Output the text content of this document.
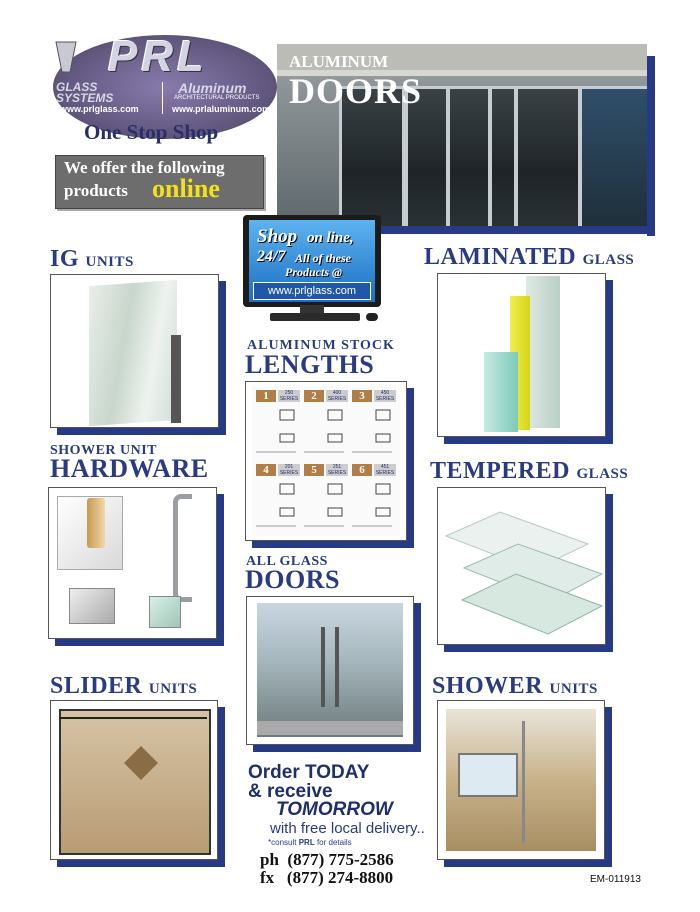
PRL
GLASS SYSTEMS
www.prlglass.com
Aluminum
ARCHITECTURAL PRODUCTS
www.prlaluminum.com
One Stop Shop
We offer the following
products online
ALUMINUM
DOORS
Shop on line,
24/7 All of these
Products @
www.prlglass.com
IG UNITS	LAMINATED GLASS
ALUMINUM STOCK
LENGTHS
1	250 SERIES	2	400 SERIES	3	450 SERIES
4	201 SERIES	5	251 SERIES	6	451 SERIES
SHOWER UNIT
HARDWARE	TEMPERED GLASS
ALL GLASS
DOORS
SLIDER UNITS	SHOWER UNITS
Order TODAY
& receive
TOMORROW
with free local delivery..
*consult PRL for details
ph (877) 775-2586
fx (877) 274-8800	EM-011913
